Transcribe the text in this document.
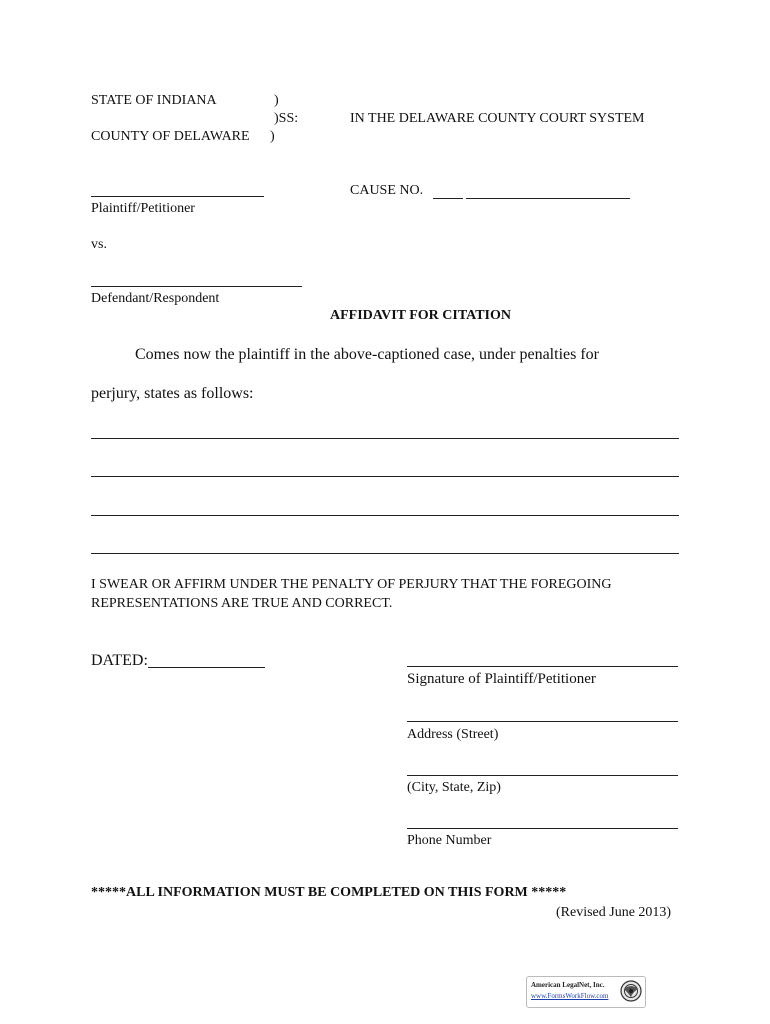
STATE OF INDIANA	)
)SS:
COUNTY OF DELAWARE )
IN THE DELAWARE COUNTY COURT SYSTEM
Plaintiff/Petitioner
CAUSE NO.
vs.
Defendant/Respondent
AFFIDAVIT FOR CITATION
Comes now the plaintiff in the above-captioned case, under penalties for
perjury, states as follows:
I SWEAR OR AFFIRM UNDER THE PENALTY OF PERJURY THAT THE FOREGOING
REPRESENTATIONS ARE TRUE AND CORRECT.
DATED:
Signature of Plaintiff/Petitioner
Address (Street)
(City, State, Zip)
Phone Number
*****ALL INFORMATION MUST BE COMPLETED ON THIS FORM *****
(Revised June 2013)
American LegalNet, Inc.
www.FormsWorkFlow.com
